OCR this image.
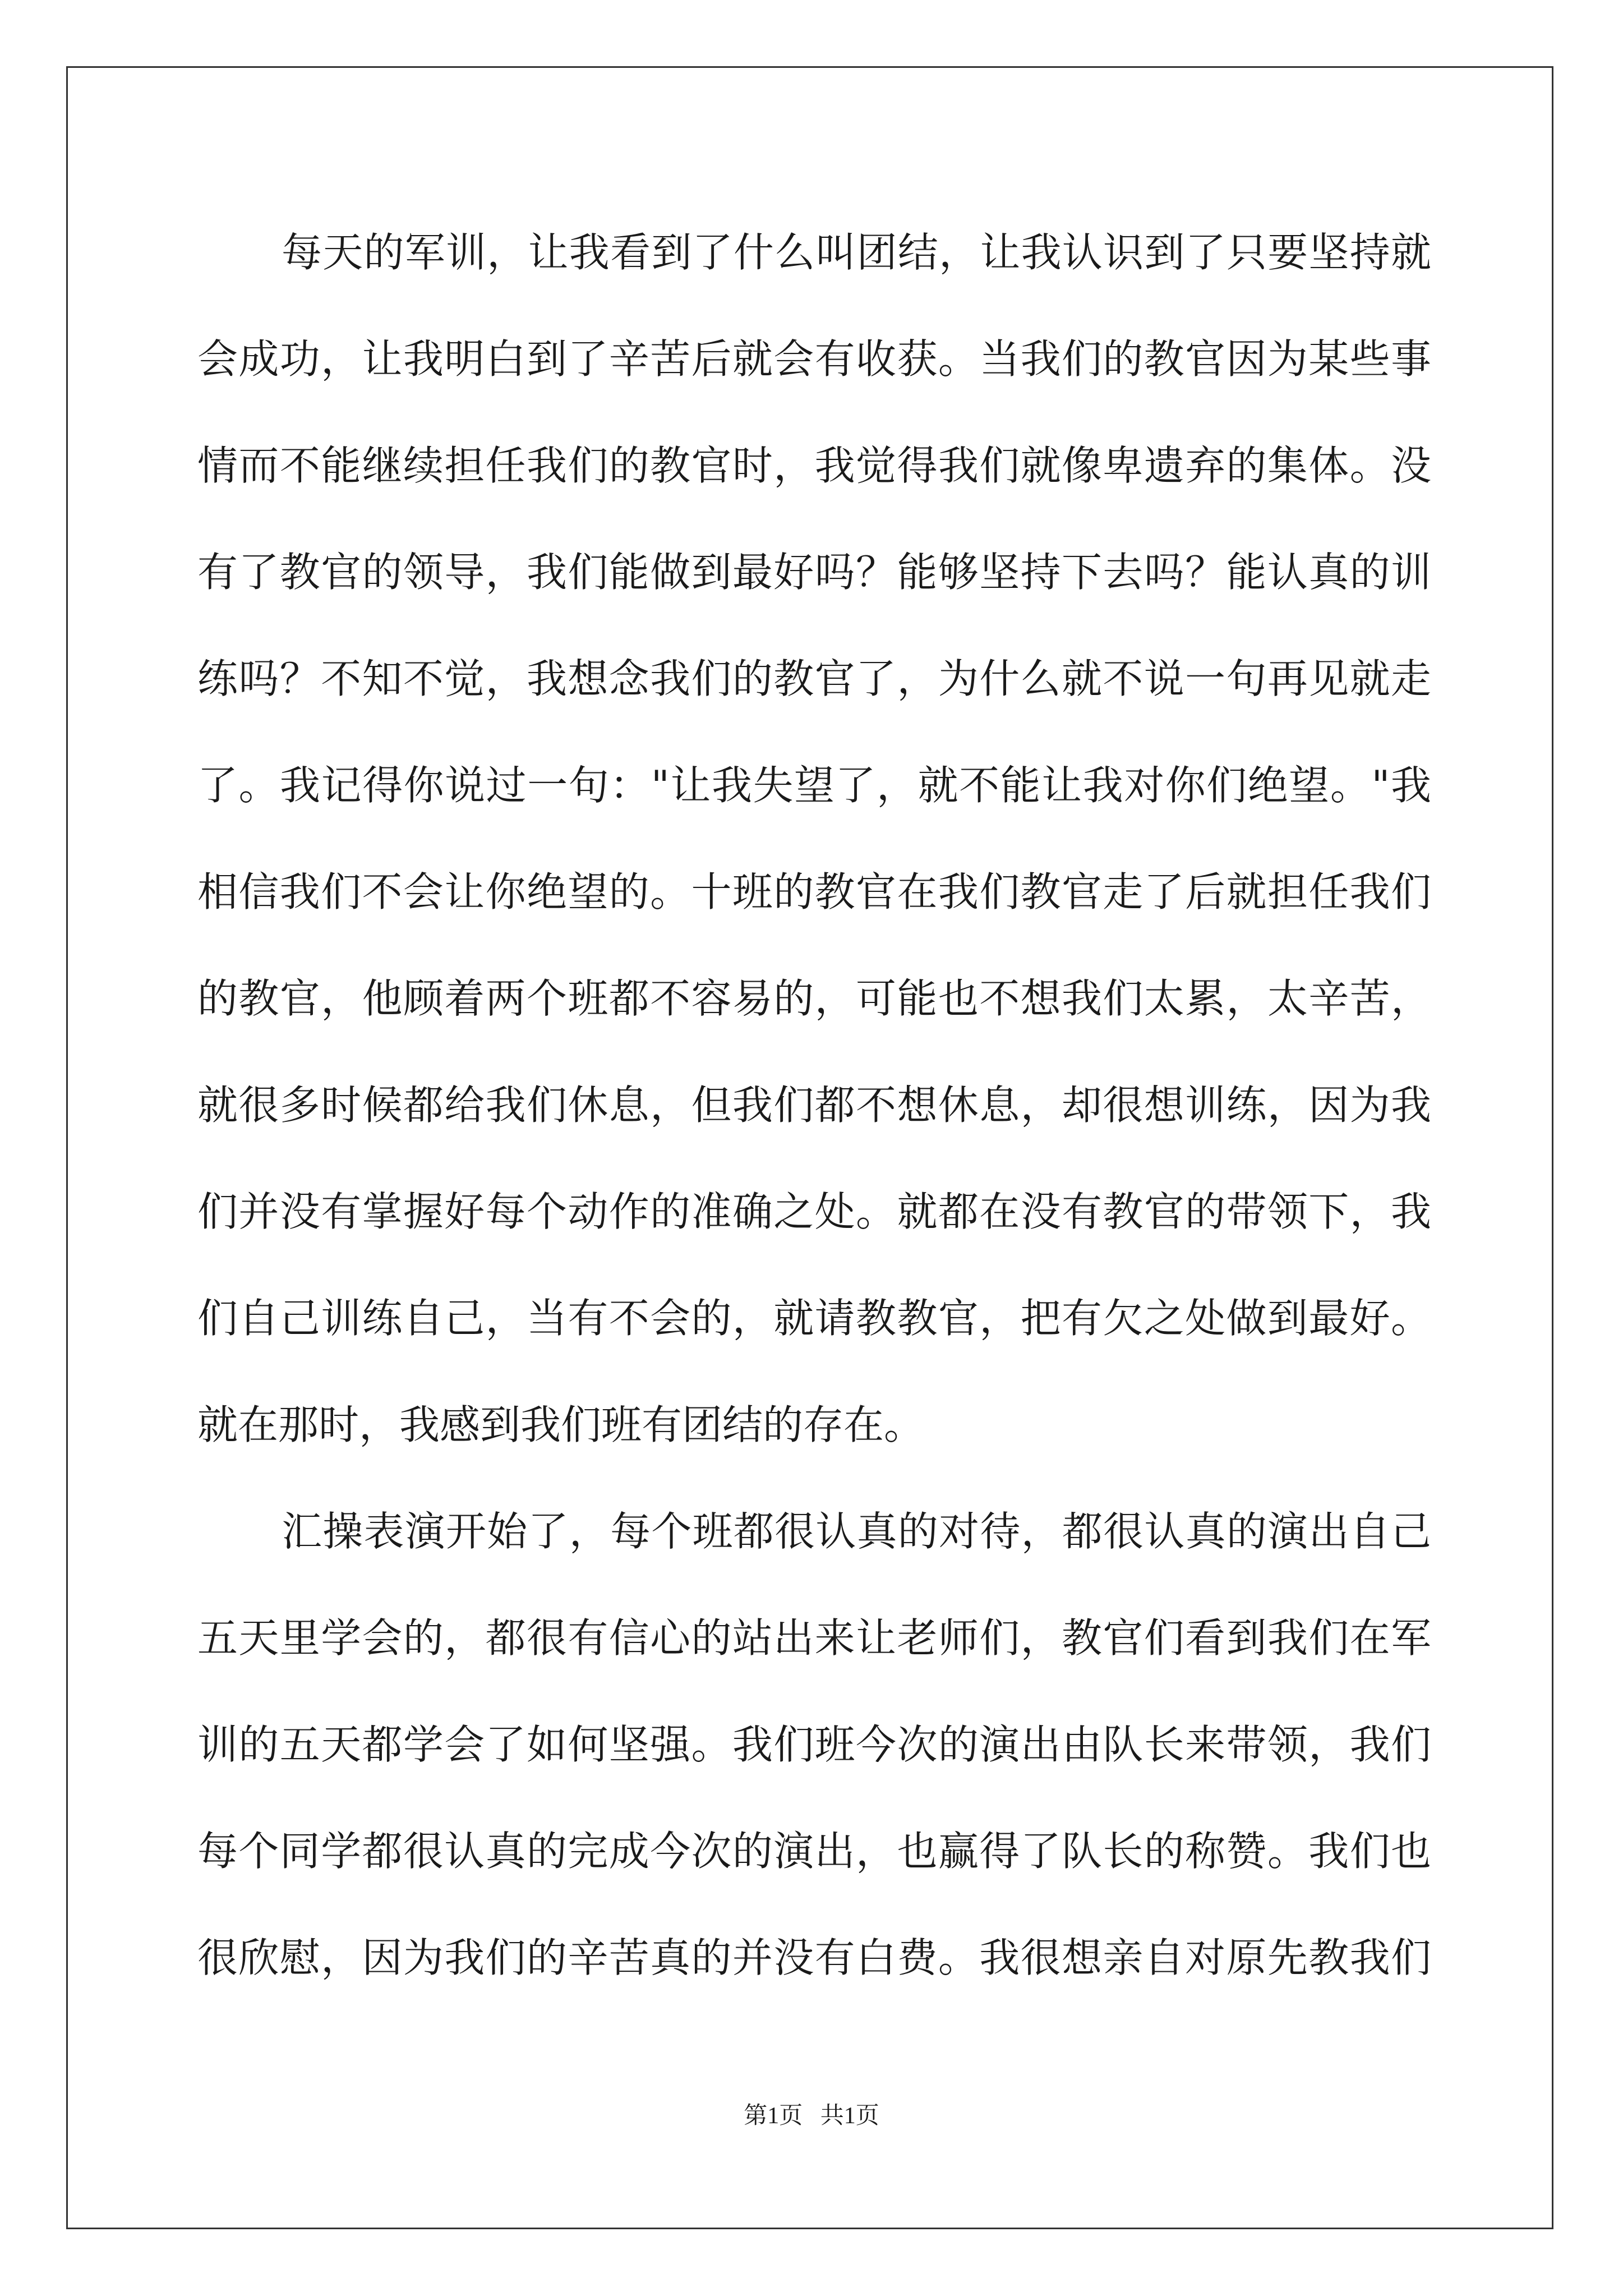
每天的军训，让我看到了什么叫团结，让我认识到了只要坚持就
会成功，让我明白到了辛苦后就会有收获。当我们的教官因为某些事
情而不能继续担任我们的教官时，我觉得我们就像卑遗弃的集体。没
有了教官的领导，我们能做到最好吗？能够坚持下去吗？能认真的训
练吗？不知不觉，我想念我们的教官了，为什么就不说一句再见就走
了。我记得你说过一句："让我失望了，就不能让我对你们绝望。"我
相信我们不会让你绝望的。十班的教官在我们教官走了后就担任我们
的教官，他顾着两个班都不容易的，可能也不想我们太累，太辛苦，
就很多时候都给我们休息，但我们都不想休息，却很想训练，因为我
们并没有掌握好每个动作的准确之处。就都在没有教官的带领下，我
们自己训练自己，当有不会的，就请教教官，把有欠之处做到最好。
就在那时，我感到我们班有团结的存在。
汇操表演开始了，每个班都很认真的对待，都很认真的演出自己
五天里学会的，都很有信心的站出来让老师们，教官们看到我们在军
训的五天都学会了如何坚强。我们班今次的演出由队长来带领，我们
每个同学都很认真的完成今次的演出，也赢得了队长的称赞。我们也
很欣慰，因为我们的辛苦真的并没有白费。我很想亲自对原先教我们
第1页   共1页
